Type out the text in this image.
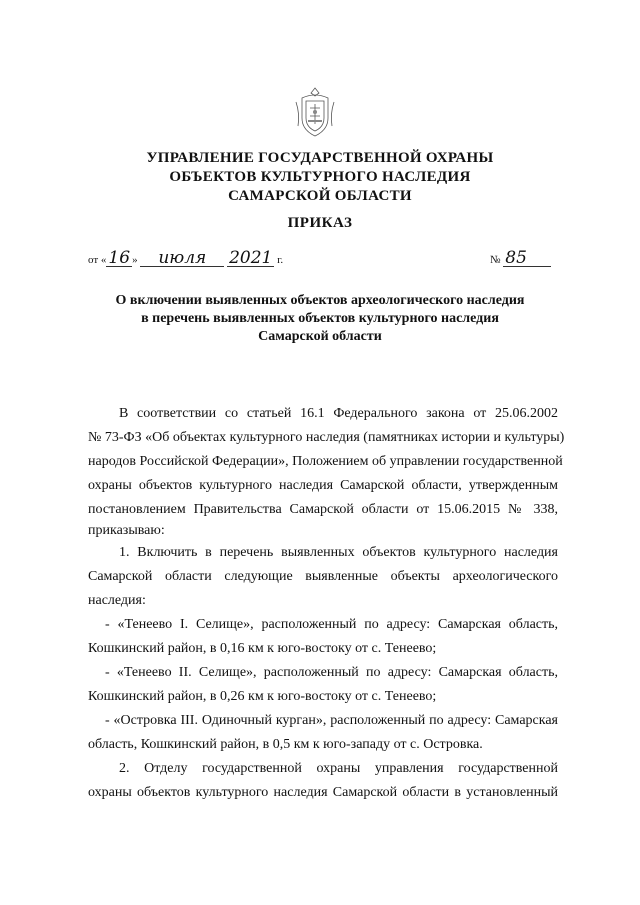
УПРАВЛЕНИЕ ГОСУДАРСТВЕННОЙ ОХРАНЫ
ОБЪЕКТОВ КУЛЬТУРНОГО НАСЛЕДИЯ
САМАРСКОЙ ОБЛАСТИ
ПРИКАЗ
от « 16 » июля 2021 г.	№ 85
О включении выявленных объектов археологического наследия
в перечень выявленных объектов культурного наследия
Самарской области
В соответствии со статьей 16.1 Федерального закона от 25.06.2002
№ 73-ФЗ «Об объектах культурного наследия (памятниках истории и культуры)
народов Российской Федерации», Положением об управлении государственной
охраны объектов культурного наследия Самарской области, утвержденным
постановлением Правительства Самарской области от 15.06.2015 № 338,
приказываю:
1. Включить в перечень выявленных объектов культурного наследия
Самарской области следующие выявленные объекты археологического
наследия:
- «Тенеево I. Селище», расположенный по адресу: Самарская область,
Кошкинский район, в 0,16 км к юго-востоку от с. Тенеево;
- «Тенеево II. Селище», расположенный по адресу: Самарская область,
Кошкинский район, в 0,26 км к юго-востоку от с. Тенеево;
- «Островка III. Одиночный курган», расположенный по адресу: Самарская
область, Кошкинский район, в 0,5 км к юго-западу от с. Островка.
2. Отделу государственной охраны управления государственной
охраны объектов культурного наследия Самарской области в установленный
